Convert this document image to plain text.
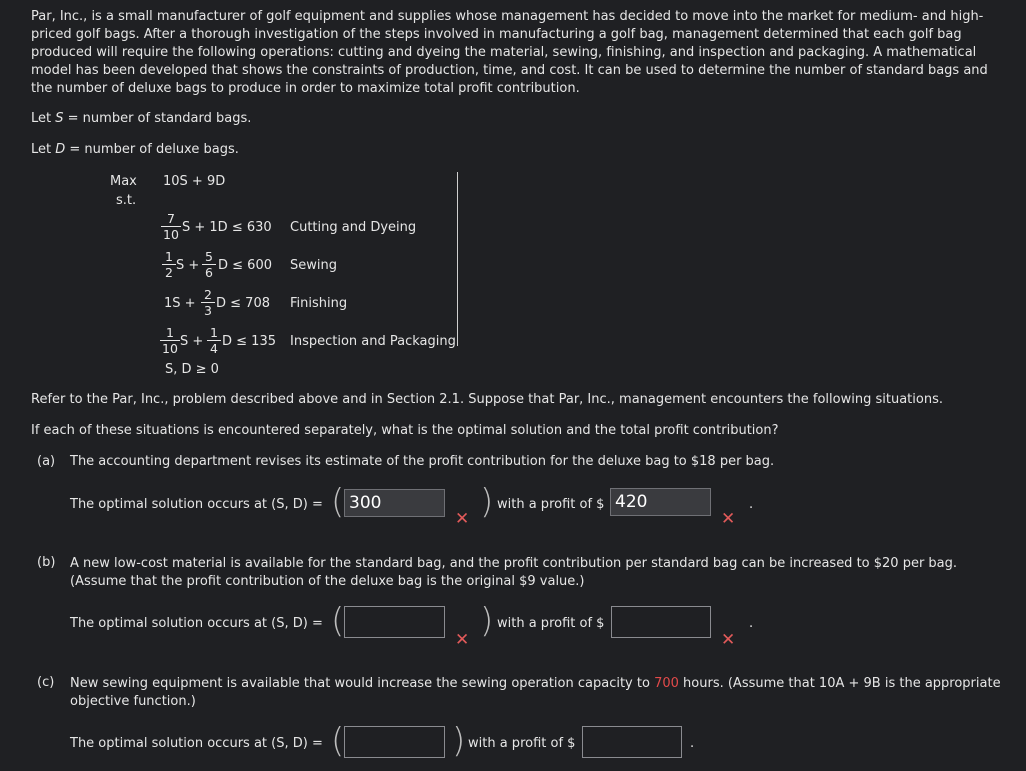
Par, Inc., is a small manufacturer of golf equipment and supplies whose management has decided to move into the market for medium- and high-priced golf bags. After a thorough investigation of the steps involved in manufacturing a golf bag, management determined that each golf bag produced will require the following operations: cutting and dyeing the material, sewing, finishing, and inspection and packaging. A mathematical model has been developed that shows the constraints of production, time, and cost. It can be used to determine the number of standard bags and the number of deluxe bags to produce in order to maximize total profit contribution.
Let S = number of standard bags.
Let D = number of deluxe bags.
Max 10S + 9D
s.t.
7
10 S + 1D ≤ 630 Cutting and Dyeing
1
2 S +
5
6 D ≤ 600 Sewing
1S +
2
3 D ≤ 708 Finishing
1
10 S +
1
4 D ≤ 135 Inspection and Packaging
S, D ≥ 0
Refer to the Par, Inc., problem described above and in Section 2.1. Suppose that Par, Inc., management encounters the following situations.
If each of these situations is encountered separately, what is the optimal solution and the total profit contribution?
(a) The accounting department revises its estimate of the profit contribution for the deluxe bag to $18 per bag.
The optimal solution occurs at (S, D) = ( 300
✕ ) with a profit of $ 420
✕
.
(b) A new low-cost material is available for the standard bag, and the profit contribution per standard bag can be increased to $20 per bag. (Assume that the profit contribution of the deluxe bag is the original $9 value.)
The optimal solution occurs at (S, D) = (	✕ ) with a profit of $
✕
.
(c) New sewing equipment is available that would increase the sewing operation capacity to 700 hours. (Assume that 10A + 9B is the appropriate objective function.)
The optimal solution occurs at (S, D) = (	) with a profit of $	.
